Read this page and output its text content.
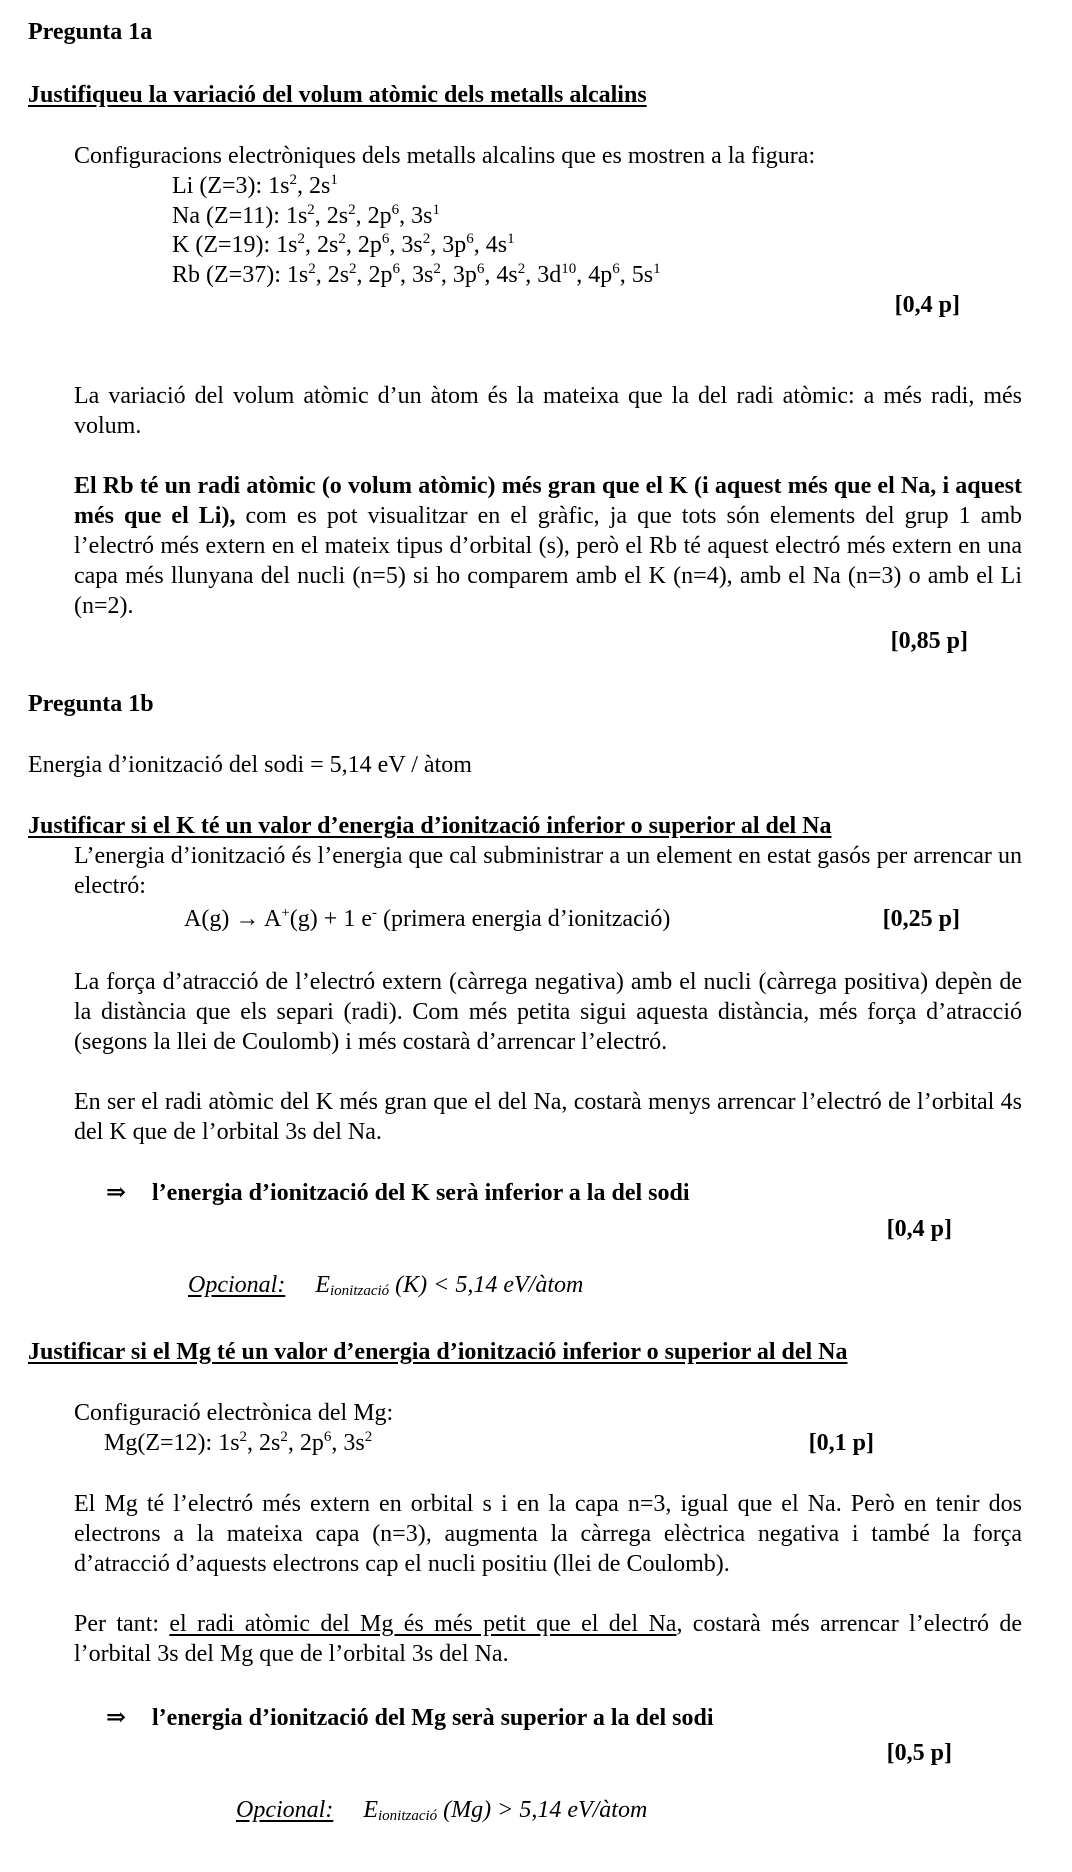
Pregunta 1a
Justifiqueu la variació del volum atòmic dels metalls alcalins
Configuracions electròniques dels metalls alcalins que es mostren a la figura:
Li (Z=3): $1s^2$, $2s^1$
Na (Z=11): $1s^2$, $2s^2$, $2p^6$, $3s^1$
K (Z=19): $1s^2$, $2s^2$, $2p^6$, $3s^2$, $3p^6$, $4s^1$
Rb (Z=37): $1s^2$, $2s^2$, $2p^6$, $3s^2$, $3p^6$, $4s^2$, $3d^{10}$, $4p^6$, $5s^1$
[0,4 p]
La variació del volum atòmic d’un àtom és la mateixa que la del radi atòmic: a més radi, més volum.
El Rb té un radi atòmic (o volum atòmic) més gran que el K (i aquest més que el Na, i aquest més que el Li), com es pot visualitzar en el gràfic, ja que tots són elements del grup 1 amb l’electró més extern en el mateix tipus d’orbital (s), però el Rb té aquest electró més extern en una capa més llunyana del nucli (n=5) si ho comparem amb el K (n=4), amb el Na (n=3) o amb el Li (n=2).
[0,85 p]
Pregunta 1b
Energia d’ionització del sodi = 5,14 eV / àtom
Justificar si el K té un valor d’energia d’ionització inferior o superior al del Na
L’energia d’ionització és l’energia que cal subministrar a un element en estat gasós per arrencar un electró:
A(g) → A+(g) + 1 e- (primera energia d’ionització)	[0,25 p]
La força d’atracció de l’electró extern (càrrega negativa) amb el nucli (càrrega positiva) depèn de la distància que els separi (radi). Com més petita sigui aquesta distància, més força d’atracció (segons la llei de Coulomb) i més costarà d’arrencar l’electró.
En ser el radi atòmic del K més gran que el del Na, costarà menys arrencar l’electró de l’orbital 4s del K que de l’orbital 3s del Na.
⇒ l’energia d’ionització del K serà inferior a la del sodi
[0,4 p]
Opcional: $E_{ionització}$ (K) < 5,14 eV/àtom
Justificar si el Mg té un valor d’energia d’ionització inferior o superior al del Na
Configuració electrònica del Mg:
Mg(Z=12): $1s^2$, $2s^2$, $2p^6$, $3s^2$	[0,1 p]
El Mg té l’electró més extern en orbital s i en la capa n=3, igual que el Na. Però en tenir dos electrons a la mateixa capa (n=3), augmenta la càrrega elèctrica negativa i també la força d’atracció d’aquests electrons cap el nucli positiu (llei de Coulomb).
Per tant: el radi atòmic del Mg és més petit que el del Na, costarà més arrencar l’electró de l’orbital 3s del Mg que de l’orbital 3s del Na.
⇒ l’energia d’ionització del Mg serà superior a la del sodi
[0,5 p]
Opcional: $E_{ionització}$ (Mg) > 5,14 eV/àtom
